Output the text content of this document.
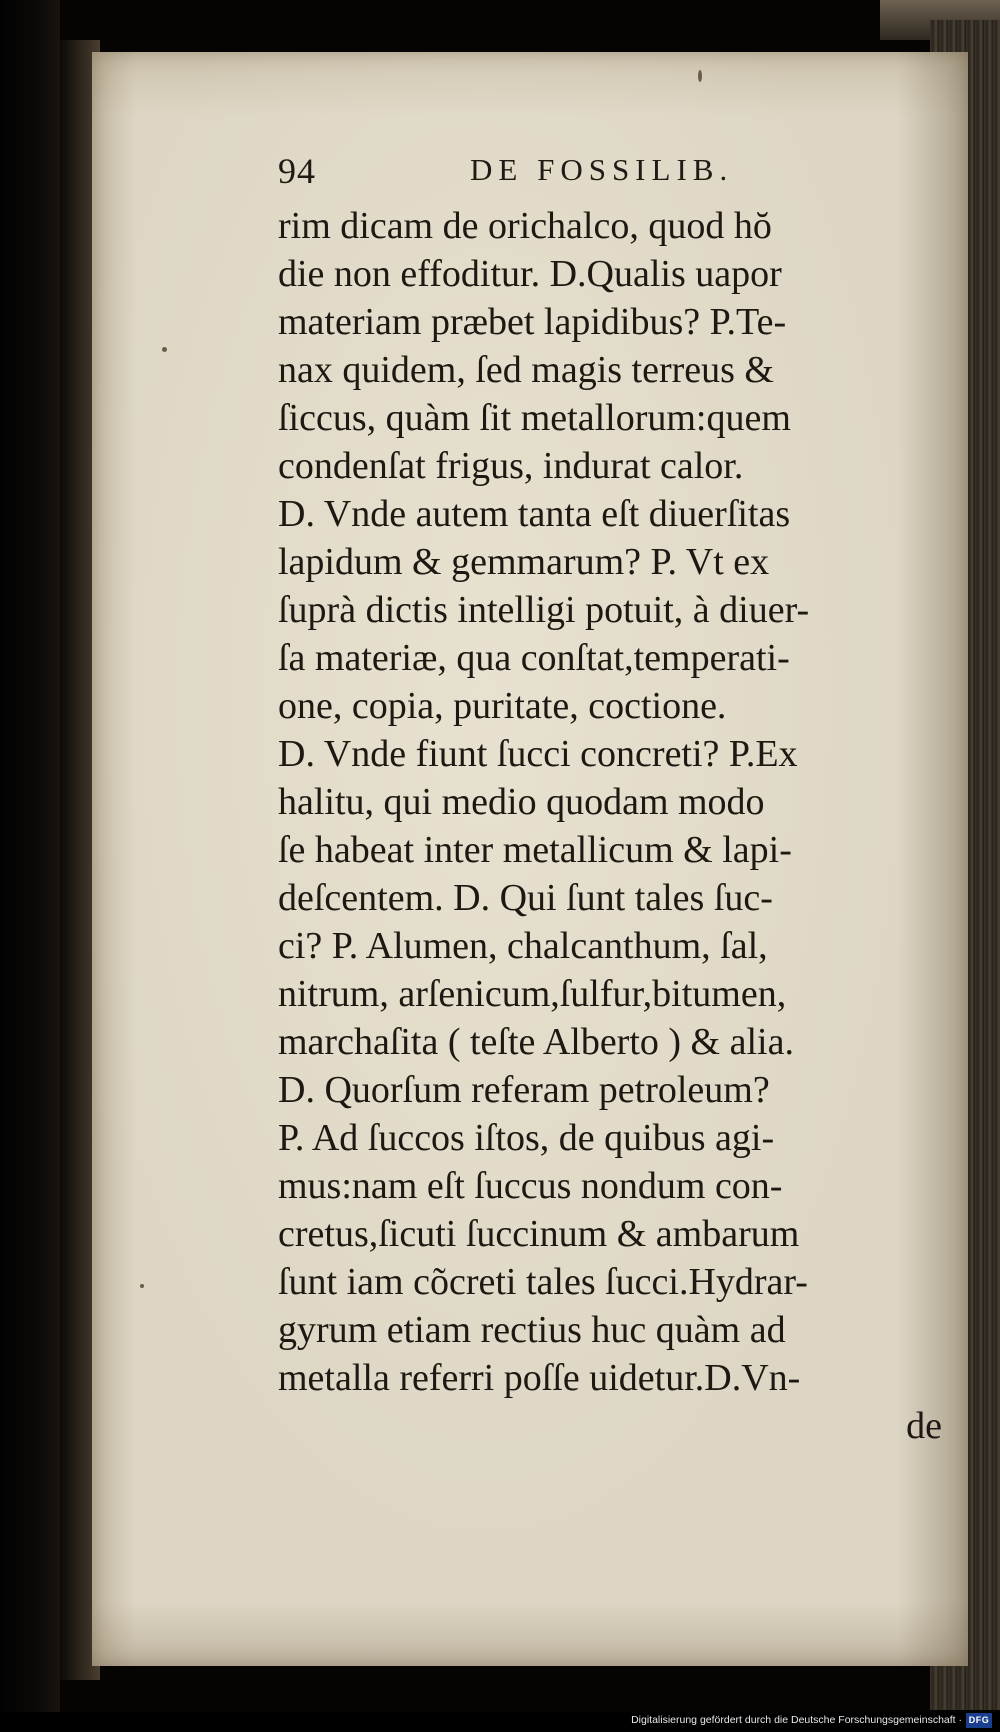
94	DE FOSSILIB.
rim dicam de orichalco, quod hŏ
die non effoditur. D.Qualis uapor
materiam præbet lapidibus? P.Te-
nax quidem, ſed magis terreus &
ſiccus, quàm ſit metallorum:quem
condenſat frigus, indurat calor.
D. Vnde autem tanta eſt diuerſitas
lapidum & gemmarum? P. Vt ex
ſuprà dictis intelligi potuit, à diuer-
ſa materiæ, qua conſtat,temperati-
one, copia, puritate, coctione.
D. Vnde fiunt ſucci concreti? P.Ex
halitu, qui medio quodam modo
ſe habeat inter metallicum & lapi-
deſcentem. D. Qui ſunt tales ſuc-
ci? P. Alumen, chalcanthum, ſal,
nitrum, arſenicum,ſulfur,bitumen,
marchaſita ( teſte Alberto ) & alia.
D. Quorſum referam petroleum?
P. Ad ſuccos iſtos, de quibus agi-
mus:nam eſt ſuccus nondum con-
cretus,ſicuti ſuccinum & ambarum
ſunt iam cõcreti tales ſucci.Hydrar-
gyrum etiam rectius huc quàm ad
metalla referri poſſe uidetur.D.Vn-
de
Digitalisierung gefördert durch die Deutsche Forschungsgemeinschaft · DFG
